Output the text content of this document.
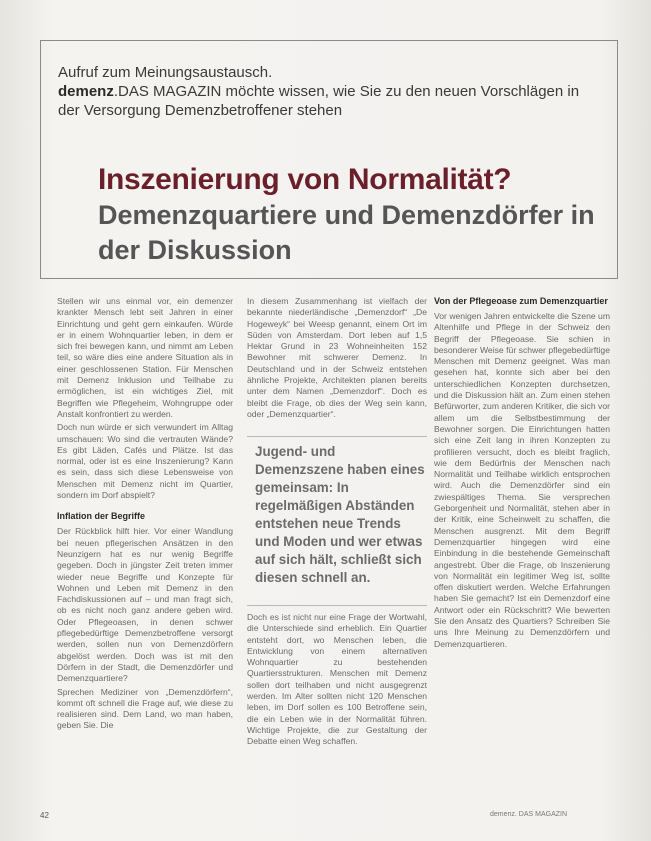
Aufruf zum Meinungsaustausch.
demenz.DAS MAGAZIN möchte wissen, wie Sie zu den neuen Vorschlägen in der Versorgung Demenzbetroffener stehen
Inszenierung von Normalität?
Demenzquartiere und Demenzdörfer in der Diskussion

Stellen wir uns einmal vor, ein demenzer krankter Mensch lebt seit Jahren in einer Einrichtung und geht gern einkaufen. Würde er in einem Wohnquartier leben, in dem er sich frei bewegen kann, und nimmt am Leben teil, so wäre dies eine andere Situation als in einer geschlossenen Station. Für Menschen mit Demenz Inklusion und Teilhabe zu ermöglichen, ist ein wichtiges Ziel, mit Begriffen wie Pflegeheim, Wohngruppe oder Anstalt konfrontiert zu werden.

Doch nun würde er sich verwundert im Alltag umschauen: Wo sind die vertrauten Wände? Es gibt Läden, Cafés und Plätze. Ist das normal, oder ist es eine Inszenierung? Kann es sein, dass sich diese Lebensweise von Menschen mit Demenz nicht im Quartier, sondern im Dorf abspielt?

Inflation der Begriffe

Der Rückblick hilft hier. Vor einer Wandlung bei neuen pflegerischen Ansätzen in den Neunzigern hat es nur wenig Begriffe gegeben. Doch in jüngster Zeit treten immer wieder neue Begriffe und Konzepte für Wohnen und Leben mit Demenz in den Fachdiskussionen auf – und man fragt sich, ob es nicht noch ganz andere geben wird. Oder Pflegeoasen, in denen schwer pflegebedürftige Demenzbetroffene versorgt werden, sollen nun von Demenzdörfern abgelöst werden. Doch was ist mit den Dörfern in der Stadt, die Demenzdörfer und Demenzquartiere?

Sprechen Mediziner von „Demenzdörfern“, kommt oft schnell die Frage auf, wie diese zu realisieren sind. Dem Land, wo man haben, geben Sie. Die

In diesem Zusammenhang ist vielfach der bekannte niederländische „Demenzdorf“ „De Hogeweyk“ bei Weesp genannt, einem Ort im Süden von Amsterdam. Dort leben auf 1,5 Hektar Grund in 23 Wohneinheiten 152 Bewohner mit schwerer Demenz. In Deutschland und in der Schweiz entstehen ähnliche Projekte, Architekten planen bereits unter dem Namen „Demenzdorf“. Doch es bleibt die Frage, ob dies der Weg sein kann, oder „Demenzquartier“.

Jugend- und Demenzszene haben eines gemeinsam: In regelmäßigen Abständen entstehen neue Trends und Moden und wer etwas auf sich hält, schließt sich diesen schnell an.

Doch es ist nicht nur eine Frage der Wortwahl, die Unterschiede sind erheblich. Ein Quartier entsteht dort, wo Menschen leben, die Entwicklung von einem alternativen Wohnquartier zu bestehenden Quartiersstrukturen. Menschen mit Demenz sollen dort teilhaben und nicht ausgegrenzt werden. Im Alter sollten nicht 120 Menschen leben, im Dorf sollen es 100 Betroffene sein, die ein Leben wie in der Normalität führen. Wichtige Projekte, die zur Gestaltung der Debatte einen Weg schaffen.

Von der Pflegeoase zum Demenzquartier

Vor wenigen Jahren entwickelte die Szene um Altenhilfe und Pflege in der Schweiz den Begriff der Pflegeoase. Sie schien in besonderer Weise für schwer pflegebedürftige Menschen mit Demenz geeignet. Was man gesehen hat, konnte sich aber bei den unterschiedlichen Konzepten durchsetzen, und die Diskussion hält an. Zum einen stehen Befürworter, zum anderen Kritiker, die sich vor allem um die Selbstbestimmung der Bewohner sorgen. Die Einrichtungen hatten sich eine Zeit lang in ihren Konzepten zu profilieren versucht, doch es bleibt fraglich, wie dem Bedürfnis der Menschen nach Normalität und Teilhabe wirklich entsprochen wird. Auch die Demenzdörfer sind ein zwiespältiges Thema. Sie versprechen Geborgenheit und Normalität, stehen aber in der Kritik, eine Scheinwelt zu schaffen, die Menschen ausgrenzt. Mit dem Begriff Demenzquartier hingegen wird eine Einbindung in die bestehende Gemeinschaft angestrebt. Über die Frage, ob Inszenierung von Normalität ein legitimer Weg ist, sollte offen diskutiert werden. Welche Erfahrungen haben Sie gemacht? Ist ein Demenzdorf eine Antwort oder ein Rückschritt? Wie bewerten Sie den Ansatz des Quartiers? Schreiben Sie uns Ihre Meinung zu Demenzdörfern und Demenzquartieren.

42	demenz. DAS MAGAZIN
